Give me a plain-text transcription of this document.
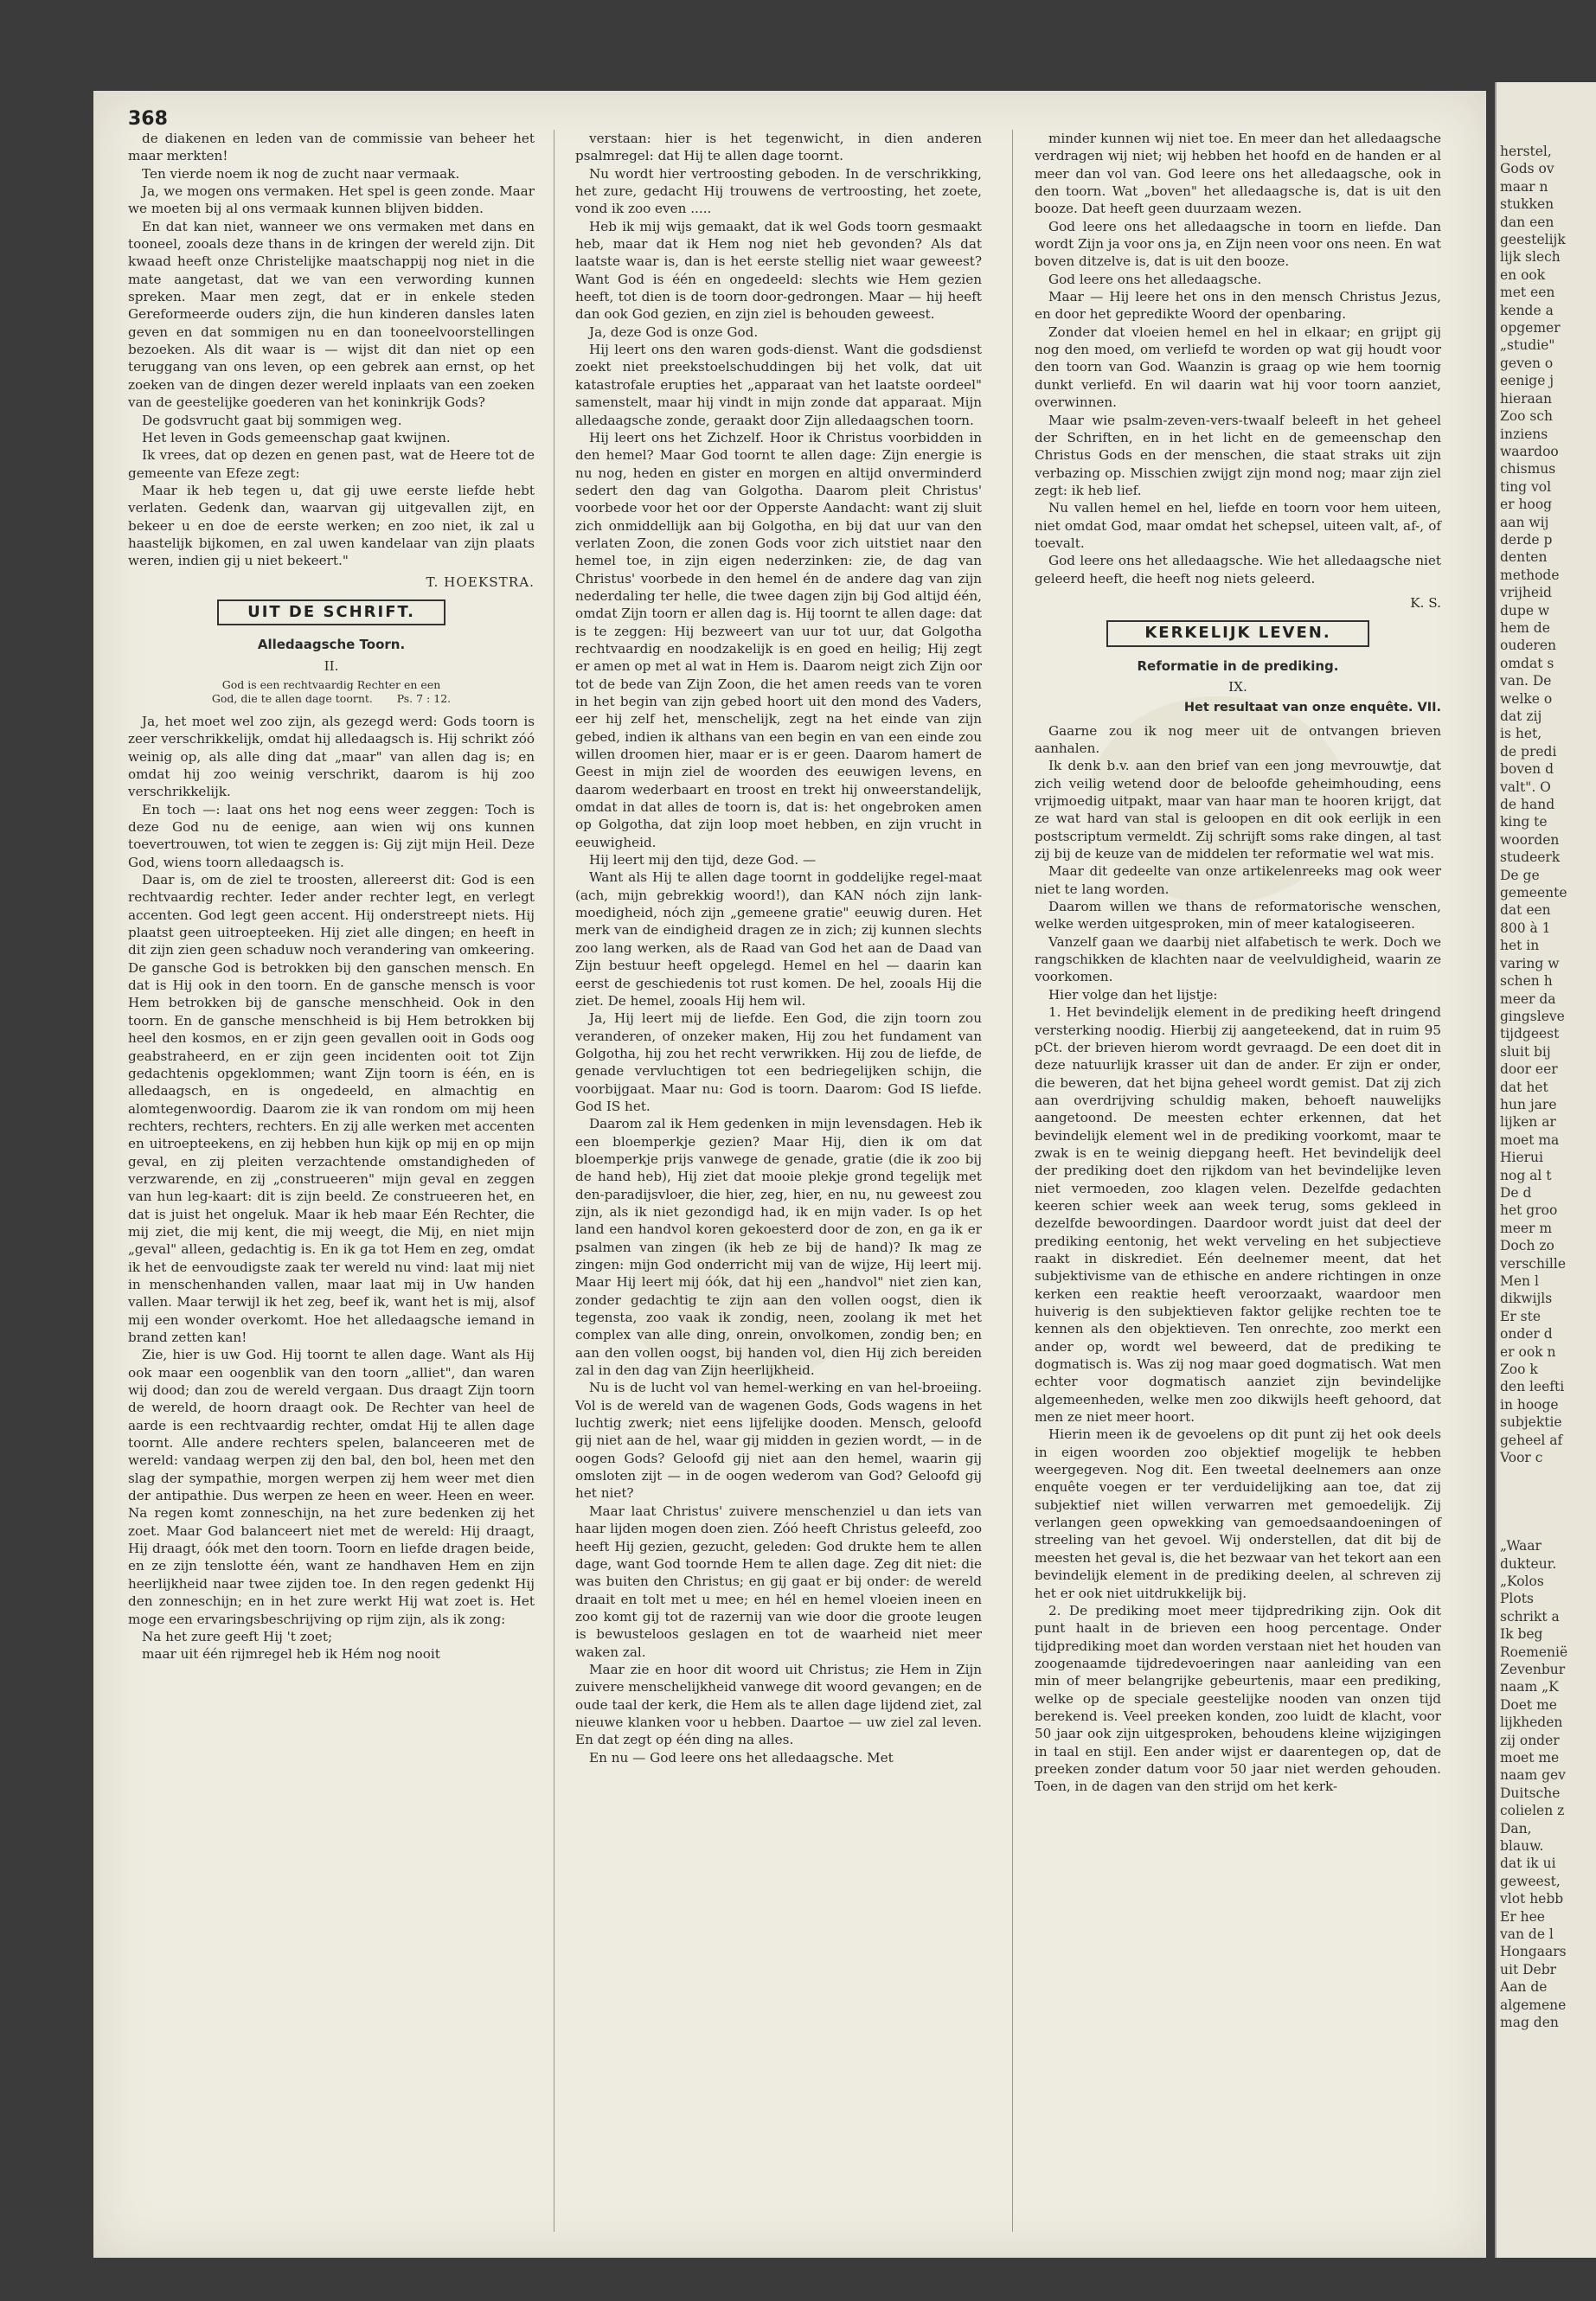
368

de diakenen en leden van de commissie van beheer het maar merkten!

Ten vierde noem ik nog de zucht naar vermaak.

Ja, we mogen ons vermaken. Het spel is geen zonde. Maar we moeten bij al ons vermaak kunnen blijven bidden.

En dat kan niet, wanneer we ons vermaken met dans en tooneel, zooals deze thans in de kringen der wereld zijn. Dit kwaad heeft onze Christelijke maatschappij nog niet in die mate aangetast, dat we van een verwording kunnen spreken. Maar men zegt, dat er in enkele steden Gereformeerde ouders zijn, die hun kinderen dansles laten geven en dat sommigen nu en dan tooneelvoorstellingen bezoeken. Als dit waar is — wijst dit dan niet op een teruggang van ons leven, op een gebrek aan ernst, op het zoeken van de dingen dezer wereld inplaats van een zoeken van de geestelijke goederen van het koninkrijk Gods?

De godsvrucht gaat bij sommigen weg.

Het leven in Gods gemeenschap gaat kwijnen.

Ik vrees, dat op dezen en genen past, wat de Heere tot de gemeente van Efeze zegt:

Maar ik heb tegen u, dat gij uwe eerste liefde hebt verlaten. Gedenk dan, waarvan gij uitgevallen zijt, en bekeer u en doe de eerste werken; en zoo niet, ik zal u haastelijk bijkomen, en zal uwen kandelaar van zijn plaats weren, indien gij u niet bekeert."

T. HOEKSTRA.
UIT DE SCHRIFT.
Alledaagsche Toorn.
II.
God is een rechtvaardig Rechter en een
God, die te allen dage toornt.       Ps. 7 : 12.

Ja, het moet wel zoo zijn, als gezegd werd: Gods toorn is zeer verschrikkelijk, omdat hij alledaagsch is. Hij schrikt zóó weinig op, als alle ding dat „maar" van allen dag is; en omdat hij zoo weinig verschrikt, daarom is hij zoo verschrikkelijk.

En toch —: laat ons het nog eens weer zeggen: Toch is deze God nu de eenige, aan wien wij ons kunnen toevertrouwen, tot wien te zeggen is: Gij zijt mijn Heil. Deze God, wiens toorn alledaagsch is.

Daar is, om de ziel te troosten, allereerst dit: God is een rechtvaardig rechter. Ieder ander rechter legt, en verlegt accenten. God legt geen accent. Hij onderstreept niets. Hij plaatst geen uitroepteeken. Hij ziet alle dingen; en heeft in dit zijn zien geen schaduw noch verandering van omkeering. De gansche God is betrokken bij den ganschen mensch. En dat is Hij ook in den toorn. En de gansche mensch is voor Hem betrokken bij de gansche menschheid. Ook in den toorn. En de gansche menschheid is bij Hem betrokken bij heel den kosmos, en er zijn geen gevallen ooit in Gods oog geabstraheerd, en er zijn geen incidenten ooit tot Zijn gedachtenis opgeklommen; want Zijn toorn is één, en is alledaagsch, en is ongedeeld, en almachtig en alomtegenwoordig. Daarom zie ik van rondom om mij heen rechters, rechters, rechters. En zij alle werken met accenten en uitroepteekens, en zij hebben hun kijk op mij en op mijn geval, en zij pleiten verzachtende omstandigheden of verzwarende, en zij „construeeren" mijn geval en zeggen van hun leg-kaart: dit is zijn beeld. Ze construeeren het, en dat is juist het ongeluk. Maar ik heb maar Eén Rechter, die mij ziet, die mij kent, die mij weegt, die Mij, en niet mijn „geval" alleen, gedachtig is. En ik ga tot Hem en zeg, omdat ik het de eenvoudigste zaak ter wereld nu vind: laat mij niet in menschenhanden vallen, maar laat mij in Uw handen vallen. Maar terwijl ik het zeg, beef ik, want het is mij, alsof mij een wonder overkomt. Hoe het alledaagsche iemand in brand zetten kan!

Zie, hier is uw God. Hij toornt te allen dage. Want als Hij ook maar een oogenblik van den toorn „alliet", dan waren wij dood; dan zou de wereld vergaan. Dus draagt Zijn toorn de wereld, de hoorn draagt ook. De Rechter van heel de aarde is een rechtvaardig rechter, omdat Hij te allen dage toornt. Alle andere rechters spelen, balanceeren met de wereld: vandaag werpen zij den bal, den bol, heen met den slag der sympathie, morgen werpen zij hem weer met dien der antipathie. Dus werpen ze heen en weer. Heen en weer. Na regen komt zonneschijn, na het zure bedenken zij het zoet. Maar God balanceert niet met de wereld: Hij draagt, Hij draagt, óók met den toorn. Toorn en liefde dragen beide, en ze zijn tenslotte één, want ze handhaven Hem en zijn heerlijkheid naar twee zijden toe. In den regen gedenkt Hij den zonneschijn; en in het zure werkt Hij wat zoet is. Het moge een ervaringsbeschrijving op rijm zijn, als ik zong:

Na het zure geeft Hij 't zoet;

maar uit één rijmregel heb ik Hém nog nooit

verstaan: hier is het tegenwicht, in dien anderen psalmregel: dat Hij te allen dage toornt.

Nu wordt hier vertroosting geboden. In de verschrikking, het zure, gedacht Hij trouwens de vertroosting, het zoete, vond ik zoo even .....

Heb ik mij wijs gemaakt, dat ik wel Gods toorn gesmaakt heb, maar dat ik Hem nog niet heb gevonden? Als dat laatste waar is, dan is het eerste stellig niet waar geweest? Want God is één en ongedeeld: slechts wie Hem gezien heeft, tot dien is de toorn door-gedrongen. Maar — hij heeft dan ook God gezien, en zijn ziel is behouden geweest.

Ja, deze God is onze God.

Hij leert ons den waren gods-dienst. Want die godsdienst zoekt niet preekstoelschuddingen bij het volk, dat uit katastrofale erupties het „apparaat van het laatste oordeel" samenstelt, maar hij vindt in mijn zonde dat apparaat. Mijn alledaagsche zonde, geraakt door Zijn alledaagschen toorn.

Hij leert ons het Zichzelf. Hoor ik Christus voorbidden in den hemel? Maar God toornt te allen dage: Zijn energie is nu nog, heden en gister en morgen en altijd onverminderd sedert den dag van Golgotha. Daarom pleit Christus' voorbede voor het oor der Opperste Aandacht: want zij sluit zich onmiddellijk aan bij Golgotha, en bij dat uur van den verlaten Zoon, die zonen Gods voor zich uitstiet naar den hemel toe, in zijn eigen nederzinken: zie, de dag van Christus' voorbede in den hemel én de andere dag van zijn nederdaling ter helle, die twee dagen zijn bij God altijd één, omdat Zijn toorn er allen dag is. Hij toornt te allen dage: dat is te zeggen: Hij bezweert van uur tot uur, dat Golgotha rechtvaardig en noodzakelijk is en goed en heilig; Hij zegt er amen op met al wat in Hem is. Daarom neigt zich Zijn oor tot de bede van Zijn Zoon, die het amen reeds van te voren in het begin van zijn gebed hoort uit den mond des Vaders, eer hij zelf het, menschelijk, zegt na het einde van zijn gebed, indien ik althans van een begin en van een einde zou willen droomen hier, maar er is er geen. Daarom hamert de Geest in mijn ziel de woorden des eeuwigen levens, en daarom wederbaart en troost en trekt hij onweerstandelijk, omdat in dat alles de toorn is, dat is: het ongebroken amen op Golgotha, dat zijn loop moet hebben, en zijn vrucht in eeuwigheid.

Hij leert mij den tijd, deze God. —

Want als Hij te allen dage toornt in goddelijke regel-maat (ach, mijn gebrekkig woord!), dan KAN nóch zijn lank-moedigheid, nóch zijn „gemeene gratie" eeuwig duren. Het merk van de eindigheid dragen ze in zich; zij kunnen slechts zoo lang werken, als de Raad van God het aan de Daad van Zijn bestuur heeft opgelegd. Hemel en hel — daarin kan eerst de geschiedenis tot rust komen. De hel, zooals Hij die ziet. De hemel, zooals Hij hem wil.

Ja, Hij leert mij de liefde. Een God, die zijn toorn zou veranderen, of onzeker maken, Hij zou het fundament van Golgotha, hij zou het recht verwrikken. Hij zou de liefde, de genade vervluchtigen tot een bedriegelijken schijn, die voorbijgaat. Maar nu: God is toorn. Daarom: God IS liefde. God IS het.

Daarom zal ik Hem gedenken in mijn levensdagen. Heb ik een bloemperkje gezien? Maar Hij, dien ik om dat bloemperkje prijs vanwege de genade, gratie (die ik zoo bij de hand heb), Hij ziet dat mooie plekje grond tegelijk met den-paradijsvloer, die hier, zeg, hier, en nu, nu geweest zou zijn, als ik niet gezondigd had, ik en mijn vader. Is op het land een handvol koren gekoesterd door de zon, en ga ik er psalmen van zingen (ik heb ze bij de hand)? Ik mag ze zingen: mijn God onderricht mij van de wijze, Hij leert mij. Maar Hij leert mij óók, dat hij een „handvol" niet zien kan, zonder gedachtig te zijn aan den vollen oogst, dien ik tegensta, zoo vaak ik zondig, neen, zoolang ik met het complex van alle ding, onrein, onvolkomen, zondig ben; en aan den vollen oogst, bij handen vol, dien Hij zich bereiden zal in den dag van Zijn heerlijkheid.

Nu is de lucht vol van hemel-werking en van hel-broeiing. Vol is de wereld van de wagenen Gods, Gods wagens in het luchtig zwerk; niet eens lijfelijke dooden. Mensch, geloofd gij niet aan de hel, waar gij midden in gezien wordt, — in de oogen Gods? Geloofd gij niet aan den hemel, waarin gij omsloten zijt — in de oogen wederom van God? Geloofd gij het niet?

Maar laat Christus' zuivere menschenziel u dan iets van haar lijden mogen doen zien. Zóó heeft Christus geleefd, zoo heeft Hij gezien, gezucht, geleden: God drukte hem te allen dage, want God toornde Hem te allen dage. Zeg dit niet: die was buiten den Christus; en gij gaat er bij onder: de wereld draait en tolt met u mee; en hél en hemel vloeien ineen en zoo komt gij tot de razernij van wie door die groote leugen is bewusteloos geslagen en tot de waarheid niet meer waken zal.

Maar zie en hoor dit woord uit Christus; zie Hem in Zijn zuivere menschelijkheid vanwege dit woord gevangen; en de oude taal der kerk, die Hem als te allen dage lijdend ziet, zal nieuwe klanken voor u hebben. Daartoe — uw ziel zal leven. En dat zegt op één ding na alles.

En nu — God leere ons het alledaagsche. Met

minder kunnen wij niet toe. En meer dan het alledaagsche verdragen wij niet; wij hebben het hoofd en de handen er al meer dan vol van. God leere ons het alledaagsche, ook in den toorn. Wat „boven" het alledaagsche is, dat is uit den booze. Dat heeft geen duurzaam wezen.

God leere ons het alledaagsche in toorn en liefde. Dan wordt Zijn ja voor ons ja, en Zijn neen voor ons neen. En wat boven ditzelve is, dat is uit den booze.

God leere ons het alledaagsche.

Maar — Hij leere het ons in den mensch Christus Jezus, en door het gepredikte Woord der openbaring.

Zonder dat vloeien hemel en hel in elkaar; en grijpt gij nog den moed, om verliefd te worden op wat gij houdt voor den toorn van God. Waanzin is graag op wie hem toornig dunkt verliefd. En wil daarin wat hij voor toorn aanziet, overwinnen.

Maar wie psalm-zeven-vers-twaalf beleeft in het geheel der Schriften, en in het licht en de gemeenschap den Christus Gods en der menschen, die staat straks uit zijn verbazing op. Misschien zwijgt zijn mond nog; maar zijn ziel zegt: ik heb lief.

Nu vallen hemel en hel, liefde en toorn voor hem uiteen, niet omdat God, maar omdat het schepsel, uiteen valt, af-, of toevalt.

God leere ons het alledaagsche. Wie het alledaagsche niet geleerd heeft, die heeft nog niets geleerd.

K. S.
KERKELIJK LEVEN.
Reformatie in de prediking.
IX.
Het resultaat van onze enquête. VII.

Gaarne zou ik nog meer uit de ontvangen brieven aanhalen.

Ik denk b.v. aan den brief van een jong mevrouwtje, dat zich veilig wetend door de beloofde geheimhouding, eens vrijmoedig uitpakt, maar van haar man te hooren krijgt, dat ze wat hard van stal is geloopen en dit ook eerlijk in een postscriptum vermeldt. Zij schrijft soms rake dingen, al tast zij bij de keuze van de middelen ter reformatie wel wat mis.

Maar dit gedeelte van onze artikelenreeks mag ook weer niet te lang worden.

Daarom willen we thans de reformatorische wenschen, welke werden uitgesproken, min of meer katalogiseeren.

Vanzelf gaan we daarbij niet alfabetisch te werk. Doch we rangschikken de klachten naar de veelvuldigheid, waarin ze voorkomen.

Hier volge dan het lijstje:

1. Het bevindelijk element in de prediking heeft dringend versterking noodig. Hierbij zij aangeteekend, dat in ruim 95 pCt. der brieven hierom wordt gevraagd. De een doet dit in deze natuurlijk krasser uit dan de ander. Er zijn er onder, die beweren, dat het bijna geheel wordt gemist. Dat zij zich aan overdrijving schuldig maken, behoeft nauwelijks aangetoond. De meesten echter erkennen, dat het bevindelijk element wel in de prediking voorkomt, maar te zwak is en te weinig diepgang heeft. Het bevindelijk deel der prediking doet den rijkdom van het bevindelijke leven niet vermoeden, zoo klagen velen. Dezelfde gedachten keeren schier week aan week terug, soms gekleed in dezelfde bewoordingen. Daardoor wordt juist dat deel der prediking eentonig, het wekt verveling en het subjectieve raakt in diskrediet. Eén deelnemer meent, dat het subjektivisme van de ethische en andere richtingen in onze kerken een reaktie heeft veroorzaakt, waardoor men huiverig is den subjektieven faktor gelijke rechten toe te kennen als den objektieven. Ten onrechte, zoo merkt een ander op, wordt wel beweerd, dat de prediking te dogmatisch is. Was zij nog maar goed dogmatisch. Wat men echter voor dogmatisch aanziet zijn bevindelijke algemeenheden, welke men zoo dikwijls heeft gehoord, dat men ze niet meer hoort.

Hierin meen ik de gevoelens op dit punt zij het ook deels in eigen woorden zoo objektief mogelijk te hebben weergegeven. Nog dit. Een tweetal deelnemers aan onze enquête voegen er ter verduidelijking aan toe, dat zij subjektief niet willen verwarren met gemoedelijk. Zij verlangen geen opwekking van gemoedsaandoeningen of streeling van het gevoel. Wij onderstellen, dat dit bij de meesten het geval is, die het bezwaar van het tekort aan een bevindelijk element in de prediking deelen, al schreven zij het er ook niet uitdrukkelijk bij.

2. De prediking moet meer tijdpredriking zijn. Ook dit punt haalt in de brieven een hoog percentage. Onder tijdprediking moet dan worden verstaan niet het houden van zoogenaamde tijdredevoeringen naar aanleiding van een min of meer belangrijke gebeurtenis, maar een prediking, welke op de speciale geestelijke nooden van onzen tijd berekend is. Veel preeken konden, zoo luidt de klacht, voor 50 jaar ook zijn uitgesproken, behoudens kleine wijzigingen in taal en stijl. Een ander wijst er daarentegen op, dat de preeken zonder datum voor 50 jaar niet werden gehouden. Toen, in de dagen van den strijd om het kerk-

herstel,
Gods ov
maar n
stukken
dan een
geestelijk
lijk slech
en ook
met een
kende a
opgemer
„studie"
geven o
eenige j
hieraan
Zoo sch
inziens
waardoo
chismus
ting vol
er hoog
aan wij
derde p
denten
methode
vrijheid
dupe w
hem de
ouderen
omdat s
van. De
welke o
dat zij
is het,
de predi
boven d
valt". O
de hand
king te
woorden
studeerk
De ge
gemeente
dat een
800 à 1
het in
varing w
schen h
meer da
gingsleve
tijdgeest
sluit bij
door eer
dat het
hun jare
lijken ar
moet ma
Hierui
nog al t
De d
het groo
meer m
Doch zo
verschille
Men l
dikwijls
Er ste
onder d
er ook n
Zoo k
den leefti
in hooge
subjektie
geheel af
Voor c

„Waar
dukteur.
„Kolos
Plots
schrikt a
Ik beg
Roemenië
Zevenbur
naam „K
Doet me
lijkheden
zij onder
moet me
naam gev
Duitsche
colielen z
Dan,
blauw.
dat ik ui
geweest,
vlot hebb
Er hee
van de l
Hongaars
uit Debr
Aan de
algemene
mag den
